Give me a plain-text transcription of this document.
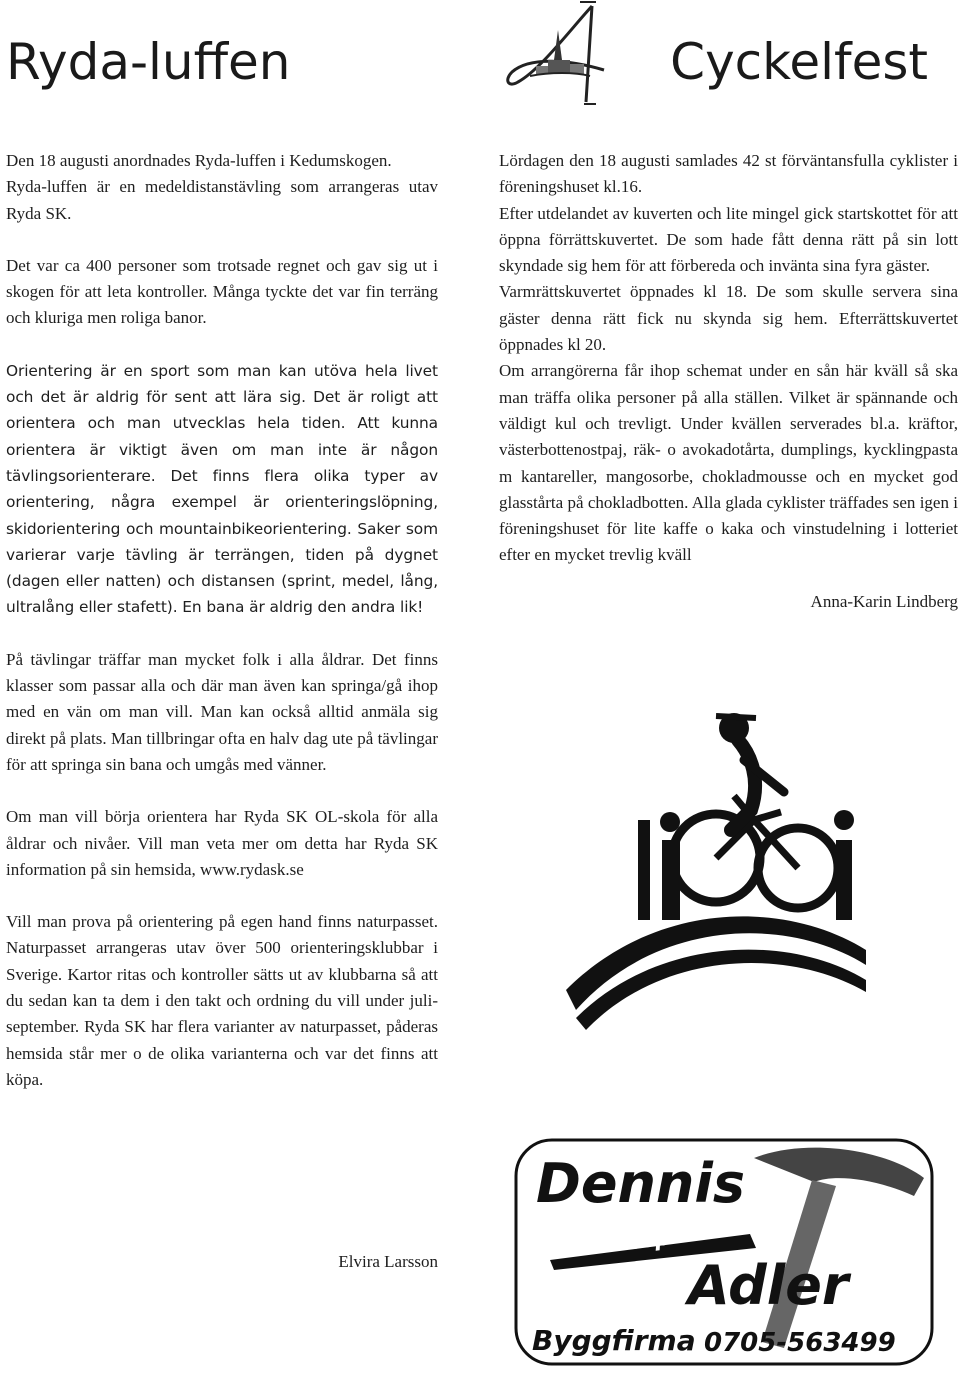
Ryda-luffen	Cyckelfest

Den 18 augusti anordnades Ryda-luffen i Kedumskogen.

Ryda-luffen är en medeldistanstävling som arrangeras utav Ryda SK.

Det var ca 400 personer som trotsade regnet och gav sig ut i skogen för att leta kontroller. Många tyckte det var fin terräng och kluriga men roliga banor.

Orientering är en sport som man kan utöva hela livet och det är aldrig för sent att lära sig. Det är roligt att orientera och man utvecklas hela tiden. Att kunna orientera är viktigt även om man inte är någon tävlingsorienterare. Det finns flera olika typer av orientering, några exempel är orienteringslöpning, skidorientering och mountainbikeorientering. Saker som varierar varje tävling är terrängen, tiden på dygnet (dagen eller natten) och distansen (sprint, medel, lång, ultralång eller stafett). En bana är aldrig den andra lik!

På tävlingar träffar man mycket folk i alla åldrar. Det finns klasser som passar alla och där man även kan springa/gå ihop med en vän om man vill. Man kan också alltid anmäla sig direkt på plats. Man tillbringar ofta en halv dag ute på tävlingar för att springa sin bana och umgås med vänner.

Om man vill börja orientera har Ryda SK OL-skola för alla åldrar och nivåer. Vill man veta mer om detta har Ryda SK information på sin hemsida, www.rydask.se

Vill man prova på orientering på egen hand finns naturpasset. Naturpasset arrangeras utav över 500 orienteringsklubbar i Sverige. Kartor ritas och kontroller sätts ut av klubbarna så att du sedan kan ta dem i den takt och ordning du vill under juli-september. Ryda SK har flera varianter av naturpasset, påderas hemsida står mer o de olika varianterna och var det finns att köpa.

Elvira Larsson

Lördagen den 18 augusti samlades 42 st förväntansfulla cyklister i föreningshuset kl.16.

Efter utdelandet av kuverten och lite mingel gick startskottet för att öppna förrättskuvertet. De som hade fått denna rätt på sin lott skyndade sig hem för att förbereda och invänta sina fyra gäster.

Varmrättskuvertet öppnades kl 18. De som skulle servera sina gäster denna rätt fick nu skynda sig hem. Efterrättskuvertet öppnades kl 20.

Om arrangörerna får ihop schemat under en sån här kväll så ska man träffa olika personer på alla ställen. Vilket är spännande och väldigt kul och trevligt. Under kvällen serverades bl.a. kräftor, västerbottenostpaj, räk- o avokadotårta, dumplings, kycklingpasta m kantareller, mangosorbe, chokladmousse och en mycket god glasstårta på chokladbotten. Alla glada cyklister träffades sen igen i föreningshuset för lite kaffe o kaka och vinstudelning i lotteriet efter en mycket trevlig kväll

Anna-Karin Lindberg

Dennis
Arentorp
Adler
Byggfirma 0705-563499
